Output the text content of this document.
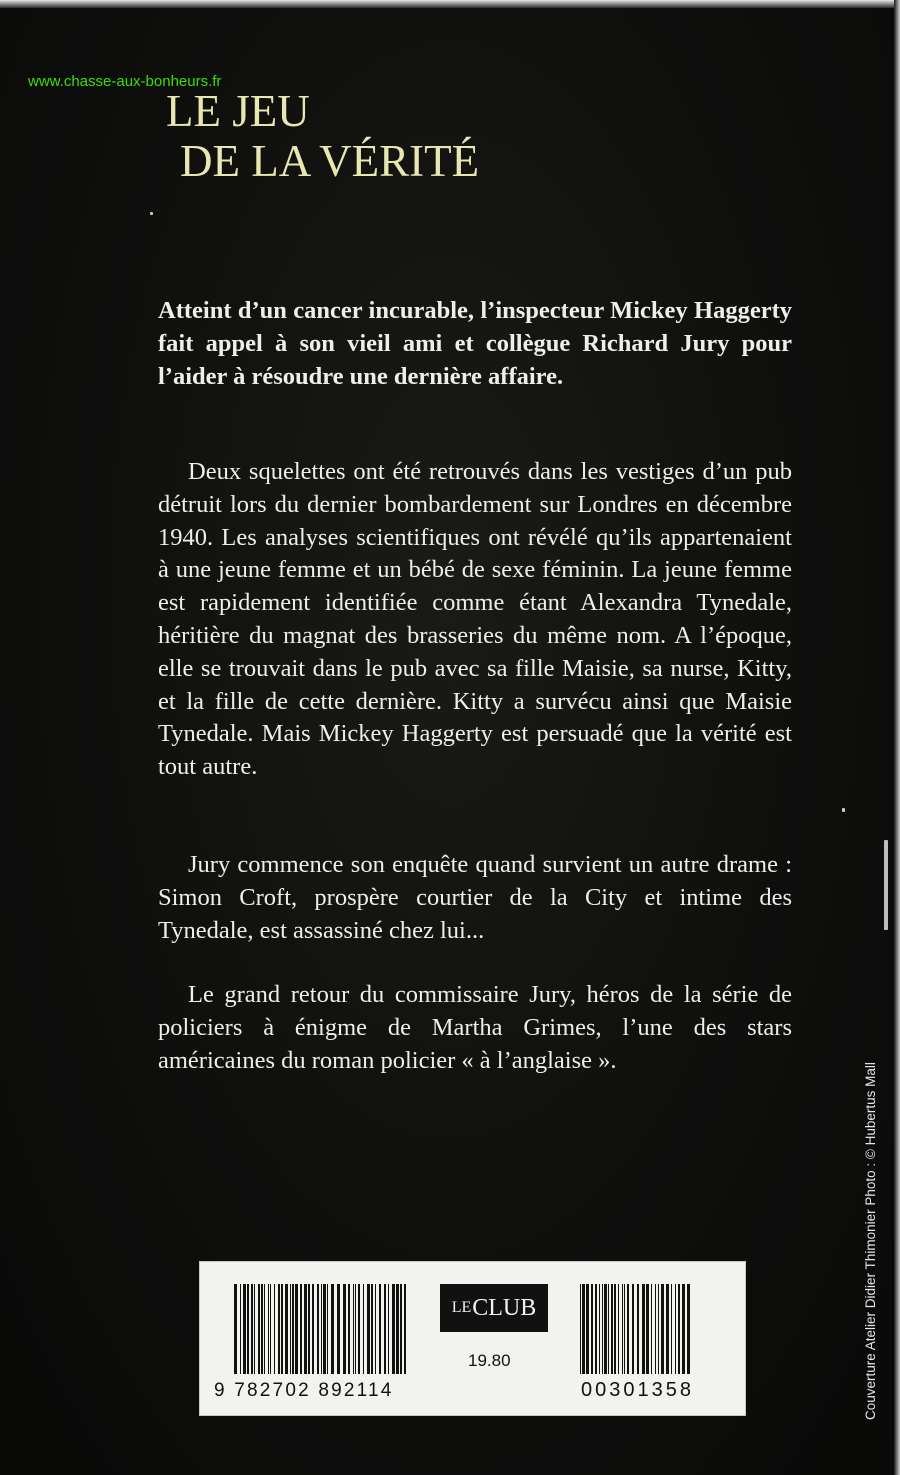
www.chasse-aux-bonheurs.fr
LE JEU
DE LA VÉRITÉ
Atteint d’un cancer incurable, l’inspecteur Mickey Haggerty fait appel à son vieil ami et collègue Richard Jury pour l’aider à résoudre une dernière affaire.
Deux squelettes ont été retrouvés dans les vestiges d’un pub détruit lors du dernier bombardement sur Londres en décembre 1940. Les analyses scientifiques ont révélé qu’ils appartenaient à une jeune femme et un bébé de sexe féminin. La jeune femme est rapidement identifiée comme étant Alexandra Tynedale, héritière du magnat des brasseries du même nom. A l’époque, elle se trouvait dans le pub avec sa fille Maisie, sa nurse, Kitty, et la fille de cette dernière. Kitty a survécu ainsi que Maisie Tynedale. Mais Mickey Haggerty est persuadé que la vérité est tout autre.
Jury commence son enquête quand survient un autre drame : Simon Croft, prospère courtier de la City et intime des Tynedale, est assassiné chez lui...
Le grand retour du commissaire Jury, héros de la série de policiers à énigme de Martha Grimes, l’une des stars américaines du roman policier « à l’anglaise ».
Couverture Atelier Didier Thimonier Photo : © Hubertus Mall
LE CLUB
19.80
9 782702 892114	00301358
